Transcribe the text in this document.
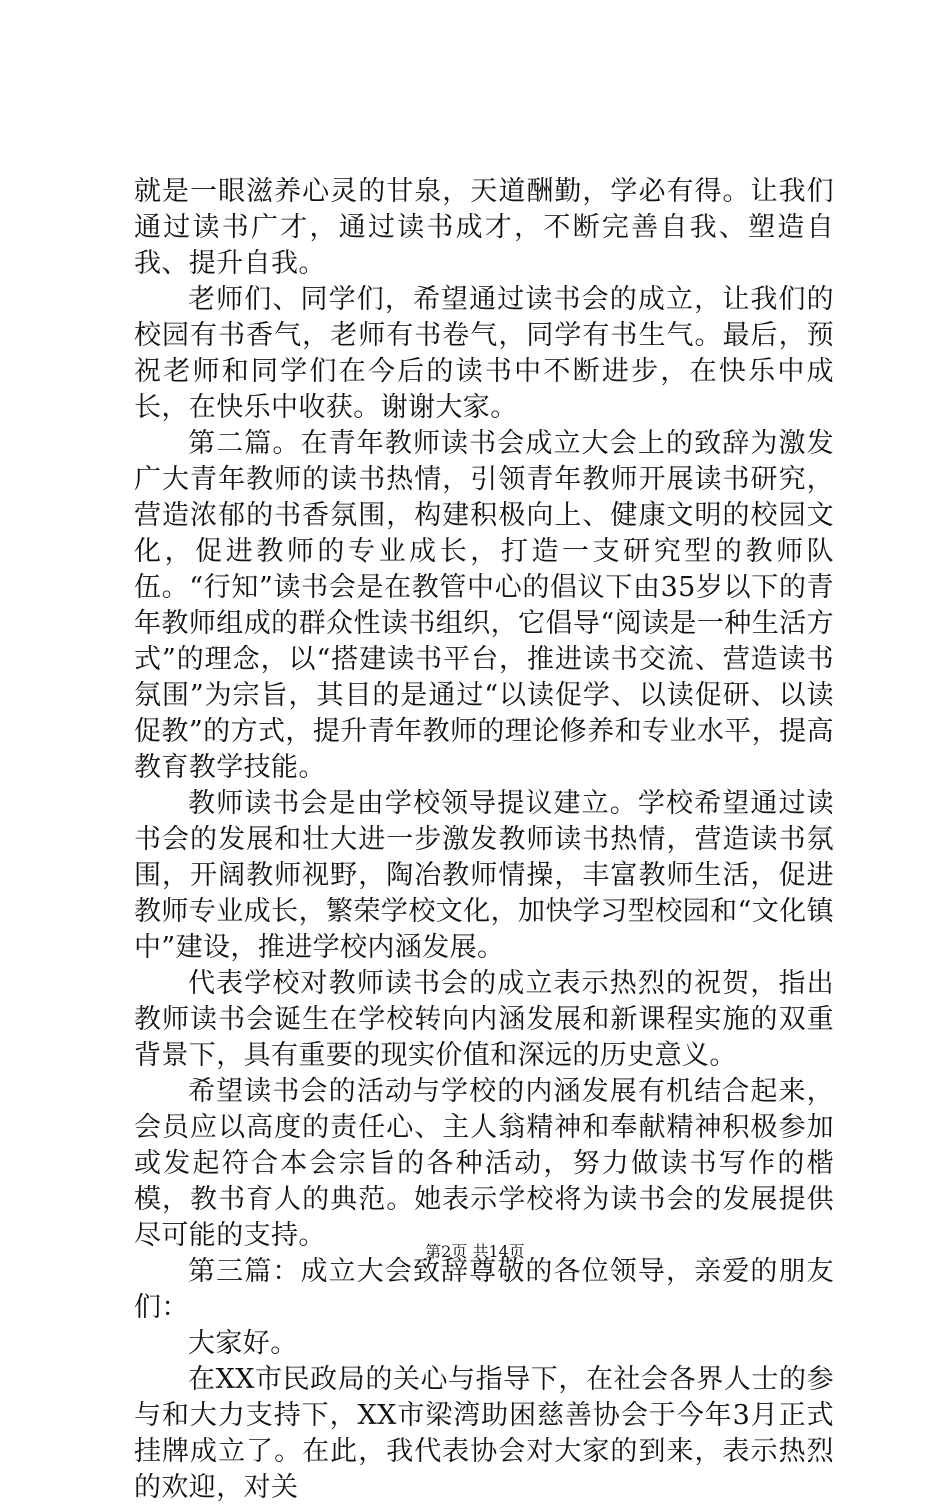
就是一眼滋养心灵的甘泉，天道酬勤，学必有得。让我们通过读书广才，通过读书成才，不断完善自我、塑造自我、提升自我。

老师们、同学们，希望通过读书会的成立，让我们的校园有书香气，老师有书卷气，同学有书生气。最后，预祝老师和同学们在今后的读书中不断进步，在快乐中成长，在快乐中收获。谢谢大家。

第二篇。在青年教师读书会成立大会上的致辞为激发广大青年教师的读书热情，引领青年教师开展读书研究，营造浓郁的书香氛围，构建积极向上、健康文明的校园文化，促进教师的专业成长，打造一支研究型的教师队伍。“行知”读书会是在教管中心的倡议下由35岁以下的青年教师组成的群众性读书组织，它倡导“阅读是一种生活方式”的理念，以“搭建读书平台，推进读书交流、营造读书氛围”为宗旨，其目的是通过“以读促学、以读促研、以读促教”的方式，提升青年教师的理论修养和专业水平，提高教育教学技能。

教师读书会是由学校领导提议建立。学校希望通过读书会的发展和壮大进一步激发教师读书热情，营造读书氛围，开阔教师视野，陶冶教师情操，丰富教师生活，促进教师专业成长，繁荣学校文化，加快学习型校园和“文化镇中”建设，推进学校内涵发展。

代表学校对教师读书会的成立表示热烈的祝贺，指出教师读书会诞生在学校转向内涵发展和新课程实施的双重背景下，具有重要的现实价值和深远的历史意义。

希望读书会的活动与学校的内涵发展有机结合起来，会员应以高度的责任心、主人翁精神和奉献精神积极参加或发起符合本会宗旨的各种活动，努力做读书写作的楷模，教书育人的典范。她表示学校将为读书会的发展提供尽可能的支持。

第三篇：成立大会致辞尊敬的各位领导，亲爱的朋友们：

大家好。

在XX市民政局的关心与指导下，在社会各界人士的参与和大力支持下，XX市梁湾助困慈善协会于今年3月正式挂牌成立了。在此，我代表协会对大家的到来，表示热烈的欢迎，对关

第2页 共14页
